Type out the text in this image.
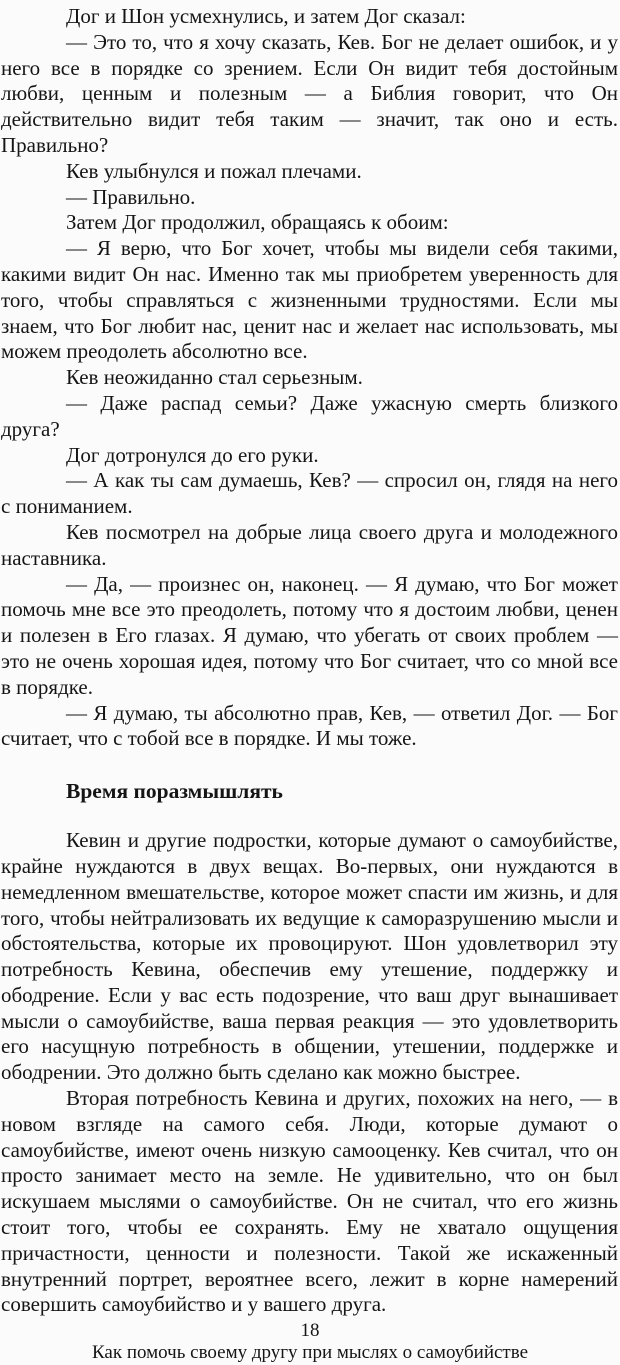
Дог и Шон усмехнулись, и затем Дог сказал:

— Это то, что я хочу сказать, Кев. Бог не делает ошибок, и у него все в порядке со зрением. Если Он видит тебя достойным любви, ценным и полезным — а Библия говорит, что Он действительно видит тебя таким — значит, так оно и есть. Правильно?

Кев улыбнулся и пожал плечами.

— Правильно.

Затем Дог продолжил, обращаясь к обоим:

— Я верю, что Бог хочет, чтобы мы видели себя такими, какими видит Он нас. Именно так мы приобретем уверенность для того, чтобы справляться с жизненными трудностями. Если мы знаем, что Бог любит нас, ценит нас и желает нас использовать, мы можем преодолеть абсолютно все.

Кев неожиданно стал серьезным.

— Даже распад семьи? Даже ужасную смерть близкого друга?

Дог дотронулся до его руки.

— А как ты сам думаешь, Кев? — спросил он, глядя на него с пониманием.

Кев посмотрел на добрые лица своего друга и молодежного наставника.

— Да, — произнес он, наконец. — Я думаю, что Бог может помочь мне все это преодолеть, потому что я достоим любви, ценен и полезен в Его глазах. Я думаю, что убегать от своих проблем — это не очень хорошая идея, потому что Бог считает, что со мной все в порядке.

— Я думаю, ты абсолютно прав, Кев, — ответил Дог. — Бог считает, что с тобой все в порядке. И мы тоже.

Время поразмышлять

Кевин и другие подростки, которые думают о самоубийстве, крайне нуждаются в двух вещах. Во-первых, они нуждаются в немедленном вмешательстве, которое может спасти им жизнь, и для того, чтобы нейтрализовать их ведущие к саморазрушению мысли и обстоятельства, которые их провоцируют. Шон удовлетворил эту потребность Кевина, обеспечив ему утешение, поддержку и ободрение. Если у вас есть подозрение, что ваш друг вынашивает мысли о самоубийстве, ваша первая реакция — это удовлетворить его насущную потребность в общении, утешении, поддержке и ободрении. Это должно быть сделано как можно быстрее.

Вторая потребность Кевина и других, похожих на него, — в новом взгляде на самого себя. Люди, которые думают о самоубийстве, имеют очень низкую самооценку. Кев считал, что он просто занимает место на земле. Не удивительно, что он был искушаем мыслями о самоубийстве. Он не считал, что его жизнь стоит того, чтобы ее сохранять. Ему не хватало ощущения причастности, ценности и полезности. Такой же искаженный внутренний портрет, вероятнее всего, лежит в корне намерений совершить самоубийство и у вашего друга.

18
Как помочь своему другу при мыслях о самоубийстве
